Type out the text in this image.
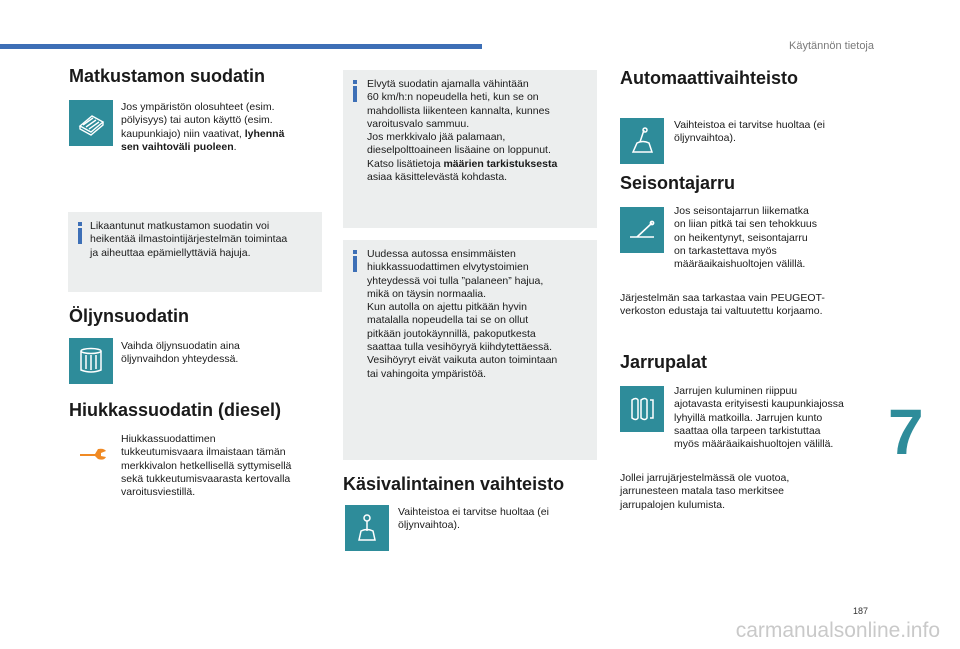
Käytännön tietoja
7
187
carmanualsonline.info
Matkustamon suodatin
Jos ympäristön olosuhteet (esim.
pölyisyys) tai auton käyttö (esim.
kaupunkiajo) niin vaativat, lyhennä
sen vaihtoväli puoleen.
Likaantunut matkustamon suodatin voi
heikentää ilmastointijärjestelmän toimintaa
ja aiheuttaa epämiellyttäviä hajuja.
Öljynsuodatin
Vaihda öljynsuodatin aina
öljynvaihdon yhteydessä.
Hiukkassuodatin (diesel)
Hiukkassuodattimen
tukkeutumisvaara ilmaistaan tämän
merkkivalon hetkellisellä syttymisellä
sekä tukkeutumisvaarasta kertovalla
varoitusviestillä.
Elvytä suodatin ajamalla vähintään
60 km/h:n nopeudella heti, kun se on
mahdollista liikenteen kannalta, kunnes
varoitusvalo sammuu.
Jos merkkivalo jää palamaan,
dieselpolttoaineen lisäaine on loppunut.
Katso lisätietoja määrien tarkistuksesta
asiaa käsittelevästä kohdasta.
Uudessa autossa ensimmäisten
hiukkassuodattimen elvytystoimien
yhteydessä voi tulla ”palaneen” hajua,
mikä on täysin normaalia.
Kun autolla on ajettu pitkään hyvin
matalalla nopeudella tai se on ollut
pitkään joutokäynnillä, pakoputkesta
saattaa tulla vesihöyryä kiihdytettäessä.
Vesihöyryt eivät vaikuta auton toimintaan
tai vahingoita ympäristöä.
Käsivalintainen vaihteisto
Vaihteistoa ei tarvitse huoltaa (ei
öljynvaihtoa).
Automaattivaihteisto
Vaihteistoa ei tarvitse huoltaa (ei
öljynvaihtoa).
Seisontajarru
Jos seisontajarrun liikematka
on liian pitkä tai sen tehokkuus
on heikentynyt, seisontajarru
on tarkastettava myös
määräaikaishuoltojen välillä.
Järjestelmän saa tarkastaa vain PEUGEOT-
verkoston edustaja tai valtuutettu korjaamo.
Jarrupalat
Jarrujen kuluminen riippuu
ajotavasta erityisesti kaupunkiajossa
lyhyillä matkoilla. Jarrujen kunto
saattaa olla tarpeen tarkistuttaa
myös määräaikaishuoltojen välillä.
Jollei jarrujärjestelmässä ole vuotoa,
jarrunesteen matala taso merkitsee
jarrupalojen kulumista.
